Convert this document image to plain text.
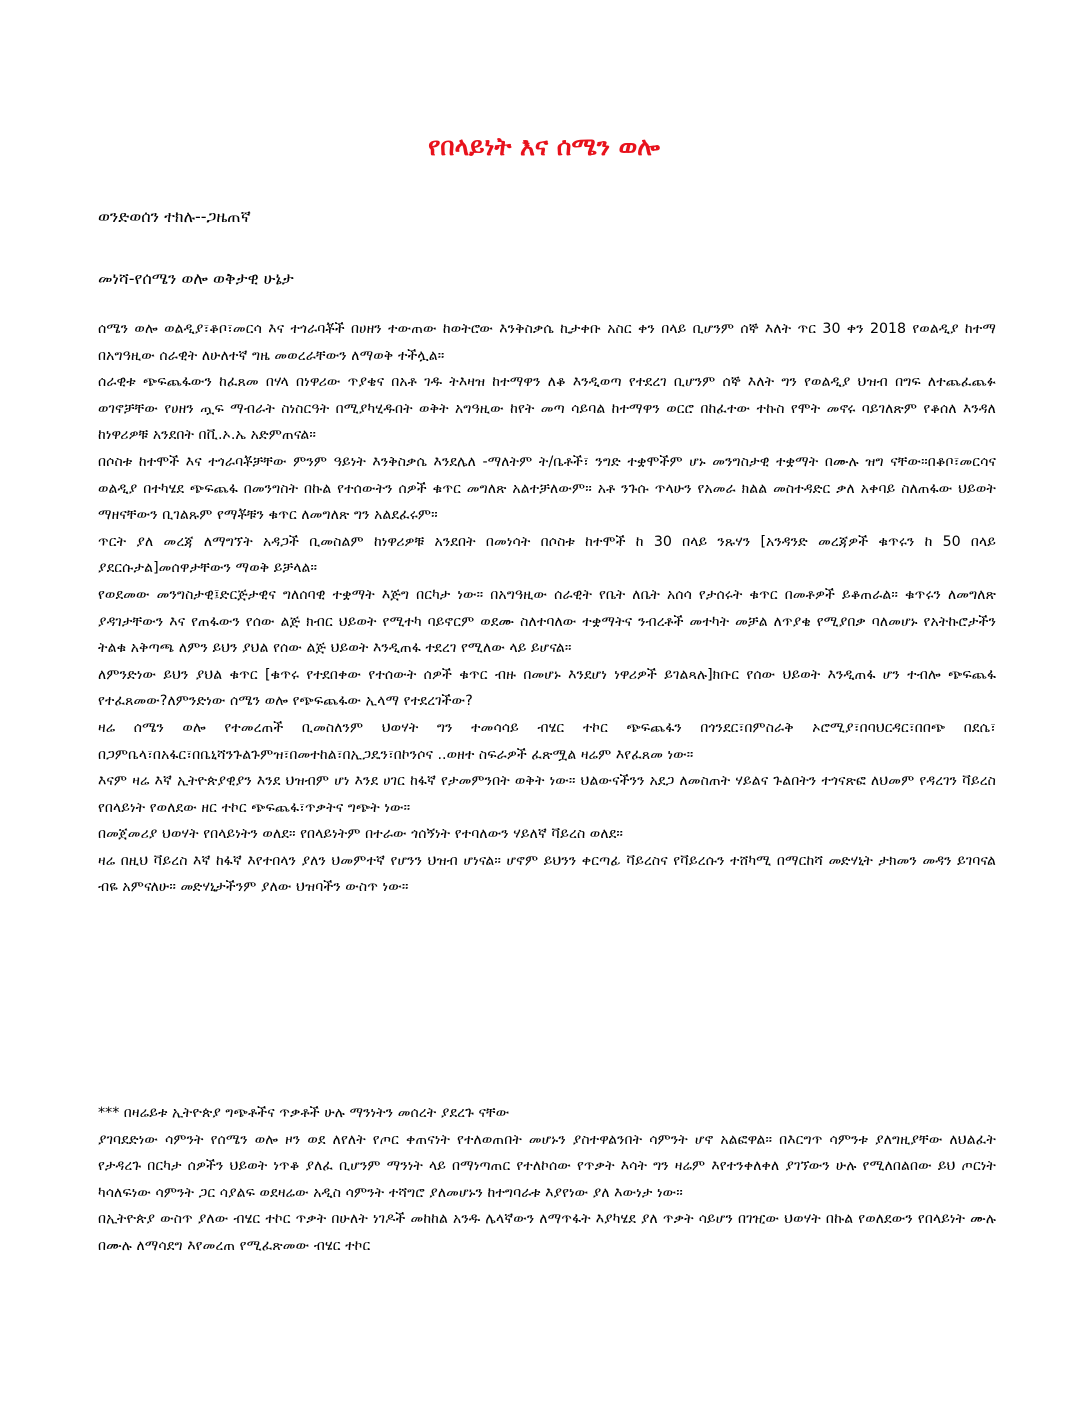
የበላይነት እና ሰሜን ወሎ
ወንድወሰን ተክሉ--ጋዜጠኛ
መነሻ-የሰሜን ወሎ ወቅታዊ ሁኔታ

ሰሜን ወሎ ወልዲያ፣ቆቦ፣መርሳ እና ተጎራባቾች በሀዘን ተውጠው ከወትሮው እንቅስቃሴ ኪታቀቡ አስር ቀን በላይ ቢሆንም ሰኞ እለት ጥር 30 ቀን 2018 የወልዲያ ከተማ በአግዓዚው ሰራዊት ለሁለተኛ ግዜ መወረራቸውን ለማወቅ ተችሏል።

ሰራዊቱ ጭፍጨፋውን ከፈጸመ በሃላ በነዋሪው ጥያቄና በአቶ ገዱ ትእዛዝ ከተማዋን ለቆ እንዲወጣ የተደረገ ቢሆንም ሰኞ እለት ግን የወልዲያ ህዝብ በግፍ ለተጨፈጨፉ ወገኖቻቸው የሀዘን ጧፍ ማብራት ስነስርዓት በሚያካሂዱበት ወቅት አግዓዚው ከየት መጣ ሳይባል ከተማዋን ወርሮ በከፈተው ተኩስ የሞት መኖሩ ባይገለጽም የቆሰለ እንዳለ ከነዋሪዎቹ አንደበት በቪ.ኦ.ኤ አድምጠናል።

በሶስቱ ከተሞች እና ተጎራባቾቻቸው ምንም ዓይነት እንቅስቃሴ እንደሌለ -ማለትም ት/ቤቶች፣ ንግድ ተቋሞችም ሆኑ መንግስታዊ ተቋማት በሙሉ ዝግ ናቸው።በቆቦ፣መርሳና ወልዲያ በተካሄደ ጭፍጨፋ በመንግስት በኩል የተሰውትን ሰዎች ቁጥር መግለጽ አልተቻለውም። አቶ ንጉሱ ጥላሁን የአመራ ክልል መስተዳድር ቃለ አቀባይ ስለጠፋው ህይወት ማዘናቸውን ቢገልጹም የማቾቹን ቁጥር ለመግለጽ ግን አልደፈሩም።

ጥርት ያለ መረጃ ለማግኘት አዳጋች ቢመስልም ከነዋሪዎቹ አንደበት በመነሳት በሶስቱ ከተሞች ከ 30 በላይ ንጹሃን [አንዳንድ መረጃዎች ቁጥሩን ከ 50 በላይ ያደርሱታል]መሰዋታቸውን ማወቅ ይቻላል።

የወደመው መንግስታዊ፤ድርጅታዊና ግለሰባዊ ተቋማት እጅግ በርካታ ነው። በአግዓዚው ሰራዊት የቤት ለቤት አሰሳ የታሰሩት ቁጥር በመቶዎች ይቆጠራል። ቁጥሩን ለመግለጽ ያዳገታቸውን እና የጠፋውን የሰው ልጅ ክብር ህይወት የሚተካ ባይኖርም ወደሙ ስለተባለው ተቋማትና ንብረቶች መተካት መቻል ለጥያቄ የሚያበቃ ባለመሆኑ የአትኩሮታችን ትልቁ አቅጣጫ ለምን ይህን ያህል የሰው ልጅ ህይወት እንዲጠፋ ተደረገ የሚለው ላይ ይሆናል።

ለምንድነው ይህን ያህል ቁጥር [ቁጥሩ የተደበቀው የተሰውት ሰዎች ቁጥር ብዙ በመሆኑ እንደሆነ ነዋሪዎች ይገልጻሉ]ክቡር የሰው ህይወት እንዲጠፋ ሆን ተብሎ ጭፍጨፋ የተፈጸመው?ለምንድነው ሰሜን ወሎ የጭፍጨፋው ኢላማ የተደረገችው?

ዛሬ ሰሜን ወሎ የተመረጠች ቢመስለንም ህወሃት ግን ተመሳሳይ ብሄር ተኮር ጭፍጨፋን በጎንደር፣በምስራቅ ኦሮሚያ፣በባህርዳር፣በበጭ በደሴ፣ በጋምቤላ፣በአፋር፣በቤኒሻንጉልጉምዝ፣በመተከል፣በኢጋዴን፣በኮንሶና ..ወዘተ ስፍራዎች ፈጽሟል ዛሬም እየፈጸመ ነው።

እናም ዛሬ እኛ ኢትዮጵያዊያን እንደ ህዝብም ሆነ እንደ ሀገር ከፋኛ የታመምንበት ወቅት ነው። ህልውናችንን አደጋ ለመስጠት ሃይልና ጉልበትን ተጎናጽፎ ለህመም የዳረገን ቫይረስ የበላይነት የወለደው ዘር ተኮር ጭፍጨፋ፣ጥቃትና ግጭት ነው።

በመጀመሪያ ህወሃት የበላይነትን ወለደ። የበላይነትም በተራው ጎሰኝነት የተባለውን ሃይለኛ ቫይረስ ወለደ።

ዛሬ በዚህ ቫይረስ እኛ ከፋኛ እየተበላን ያለን ህመምተኛ የሆንን ህዝብ ሆነናል። ሆኖም ይህንን ቀርጣፊ ቫይረስና የቫይረሱን ተሸካሚ በማርከሻ መድሃኒት ታክመን መዳን ይገባናል ብዬ አምናለሁ። መድሃኒታችንም ያለው ህዝባችን ውስጥ ነው።

*** በዛሬይቱ ኢትዮጵያ ግጭቶችና ጥቃቶች ሁሉ ማንነትን መሰረት ያደረጉ ናቸው

ያገባደድነው ሳምንት የሰሜን ወሎ ዞን ወደ ለየለት የጦር ቀጠናነት የተለወጠበት መሆኑን ያስተዋልንበት ሳምንት ሆኖ አልፎዋል። በእርግጥ ሳምንቱ ያለግዚያቸው ለህልፈት የታዳረጉ በርካታ ሰዎችን ህይወት ነጥቆ ያለፈ ቢሆንም ማንነት ላይ በማነጣጠር የተለኮሰው የጥቃት እሳት ግን ዛሬም እየተንቀለቀለ ያገኘውን ሁሉ የሚለበልበው ይህ ጦርነት ካሳለፍነው ሳምንት ጋር ሳያልፍ ወደዛሬው አዲስ ሳምንት ተሻግሮ ያለመሆኑን ከተግባራቱ እያየነው ያለ እውነታ ነው።

በኢትዮጵያ ውስጥ ያለው ብሄር ተኮር ጥቃት በሁለት ነገዶች መከከል አንዱ ሌላኛውን ለማጥፋት እያካሄደ ያለ ጥቃት ሳይሆን በገዢው ህወሃት በኩል የወለደውን የበላይነት ሙሉ በሙሉ ለማሳደግ እየመረጠ የሚፈጽመው ብሄር ተኮር
